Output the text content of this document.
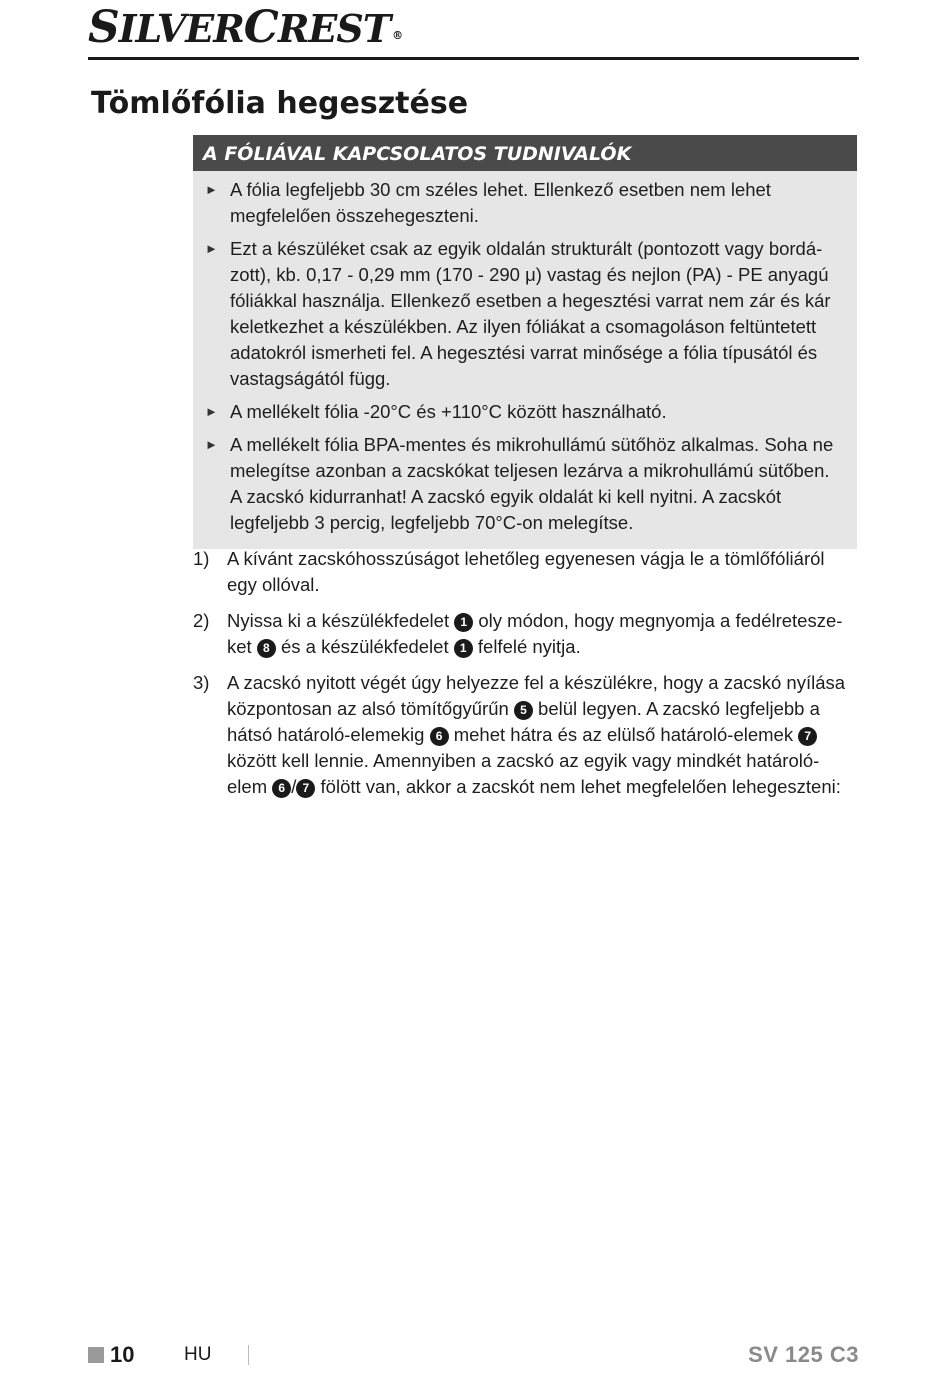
SILVERCREST ®
Tömlőfólia hegesztése
A FÓLIÁVAL KAPCSOLATOS TUDNIVALÓK
► A fólia legfeljebb 30 cm széles lehet. Ellenkező esetben nem lehet
megfelelően összehegeszteni.
► Ezt a készüléket csak az egyik oldalán strukturált (pontozott vagy bordá-
zott), kb. 0,17 - 0,29 mm (170 - 290 μ) vastag és nejlon (PA) - PE anyagú
fóliákkal használja. Ellenkező esetben a hegesztési varrat nem zár és kár
keletkezhet a készülékben. Az ilyen fóliákat a csomagoláson feltüntetett
adatokról ismerheti fel. A hegesztési varrat minősége a fólia típusától és
vastagságától függ.
► A mellékelt fólia -20°C és +110°C között használható.
► A mellékelt fólia BPA-mentes és mikrohullámú sütőhöz alkalmas. Soha ne
melegítse azonban a zacskókat teljesen lezárva a mikrohullámú sütőben.
A zacskó kidurranhat! A zacskó egyik oldalát ki kell nyitni. A zacskót
legfeljebb 3 percig, legfeljebb 70°C-on melegítse.
1) A kívánt zacskóhosszúságot lehetőleg egyenesen vágja le a tömlőfóliáról
egy ollóval.
2) Nyissa ki a készülékfedelet 1 oly módon, hogy megnyomja a fedélretesze-
ket 8 és a készülékfedelet 1 felfelé nyitja.
3) A zacskó nyitott végét úgy helyezze fel a készülékre, hogy a zacskó nyílása
központosan az alsó tömítőgyűrűn 5 belül legyen. A zacskó legfeljebb a
hátsó határoló-elemekig 6 mehet hátra és az elülső határoló-elemek 7
között kell lennie. Amennyiben a zacskó az egyik vagy mindkét határoló-
elem 6 / 7 fölött van, akkor a zacskót nem lehet megfelelően lehegeszteni:
10	HU	SV 125 C3
